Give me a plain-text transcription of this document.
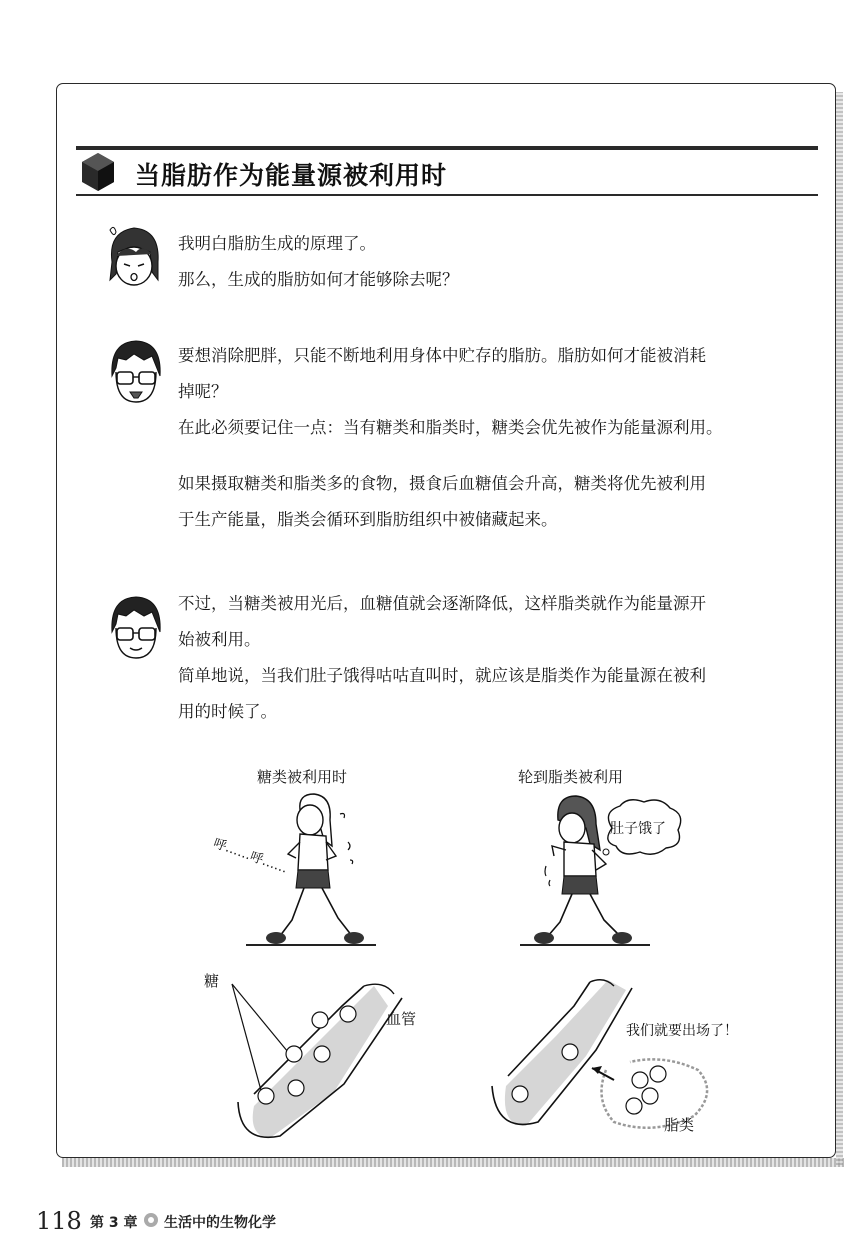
当脂肪作为能量源被利用时
我明白脂肪生成的原理了。
那么，生成的脂肪如何才能够除去呢？
要想消除肥胖，只能不断地利用身体中贮存的脂肪。脂肪如何才能被消耗
掉呢？
在此必须要记住一点：当有糖类和脂类时，糖类会优先被作为能量源利用。
如果摄取糖类和脂类多的食物，摄食后血糖值会升高，糖类将优先被利用
于生产能量，脂类会循环到脂肪组织中被储藏起来。
不过，当糖类被用光后，血糖值就会逐渐降低，这样脂类就作为能量源开
始被利用。
简单地说，当我们肚子饿得咕咕直叫时，就应该是脂类作为能量源在被利
用的时候了。
糖类被利用时	轮到脂类被利用
呼……呼……
肚子饿了
糖
血管
我们就要出场了！
脂类
118 第 3 章 生活中的生物化学
